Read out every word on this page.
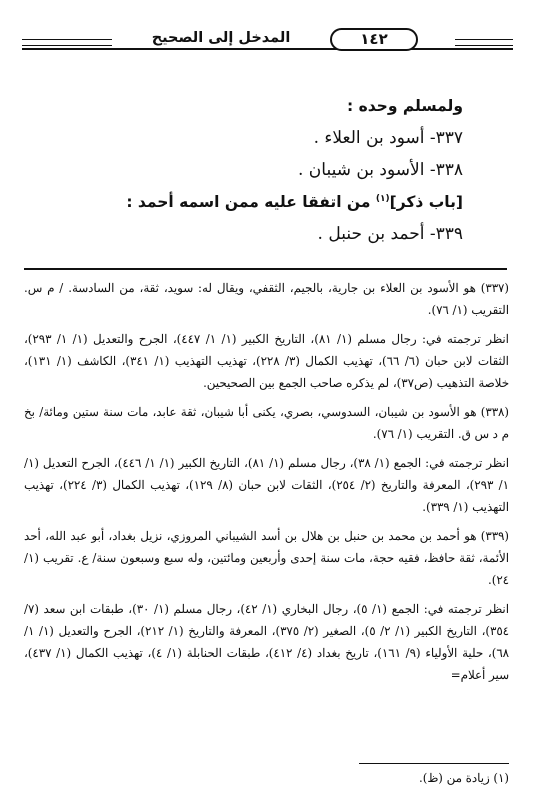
المدخل إلى الصحيح	١٤٢
ولمسلم وحده :
٣٣٧- أسود بن العلاء .
٣٣٨- الأسود بن شيبان .
[باب ذكر]$^{(١)}$ من اتفقا عليه ممن اسمه أحمد :
٣٣٩- أحمد بن حنبل .

(٣٣٧) هو الأسود بن العلاء بن جارية، بالجيم، الثقفي، ويقال له: سويد، ثقة، من السادسة. / م س. التقريب (١/ ٧٦).

انظر ترجمته في: رجال مسلم (١/ ٨١)، التاريخ الكبير (١/ ١/ ٤٤٧)، الجرح والتعديل (١/ ١/ ٢٩٣)، الثقات لابن حبان (٦/ ٦٦)، تهذيب الكمال (٣/ ٢٢٨)، تهذيب التهذيب (١/ ٣٤١)، الكاشف (١/ ١٣١)، خلاصة التذهيب (ص٣٧)، لم يذكره صاحب الجمع بين الصحيحين.

(٣٣٨) هو الأسود بن شيبان، السدوسي، بصري، يكنى أبا شيبان، ثقة عابد، مات سنة ستين ومائة/ بخ م د س ق. التقريب (١/ ٧٦).

انظر ترجمته في: الجمع (١/ ٣٨)، رجال مسلم (١/ ٨١)، التاريخ الكبير (١/ ١/ ٤٤٦)، الجرح التعديل (١/ ١/ ٢٩٣)، المعرفة والتاريخ (٢/ ٢٥٤)، الثقات لابن حبان (٨/ ١٢٩)، تهذيب الكمال (٣/ ٢٢٤)، تهذيب التهذيب (١/ ٣٣٩).

(٣٣٩) هو أحمد بن محمد بن حنبل بن هلال بن أسد الشيباني المروزي، نزيل بغداد، أبو عبد الله، أحد الأئمة، ثقة حافظ، فقيه حجة، مات سنة إحدى وأربعين ومائتين، وله سبع وسبعون سنة/ ع. تقريب (١/ ٢٤).

انظر ترجمته في: الجمع (١/ ٥)، رجال البخاري (١/ ٤٢)، رجال مسلم (١/ ٣٠)، طبقات ابن سعد (٧/ ٣٥٤)، التاريخ الكبير (١/ ٢/ ٥)، الصغير (٢/ ٣٧٥)، المعرفة والتاريخ (١/ ٢١٢)، الجرح والتعديل (١/ ١/ ٦٨)، حلية الأولياء (٩/ ١٦١)، تاريخ بغداد (٤/ ٤١٢)، طبقات الحنابلة (١/ ٤)، تهذيب الكمال (١/ ٤٣٧)، سير أعلام=

(١) زيادة من (ظ).
